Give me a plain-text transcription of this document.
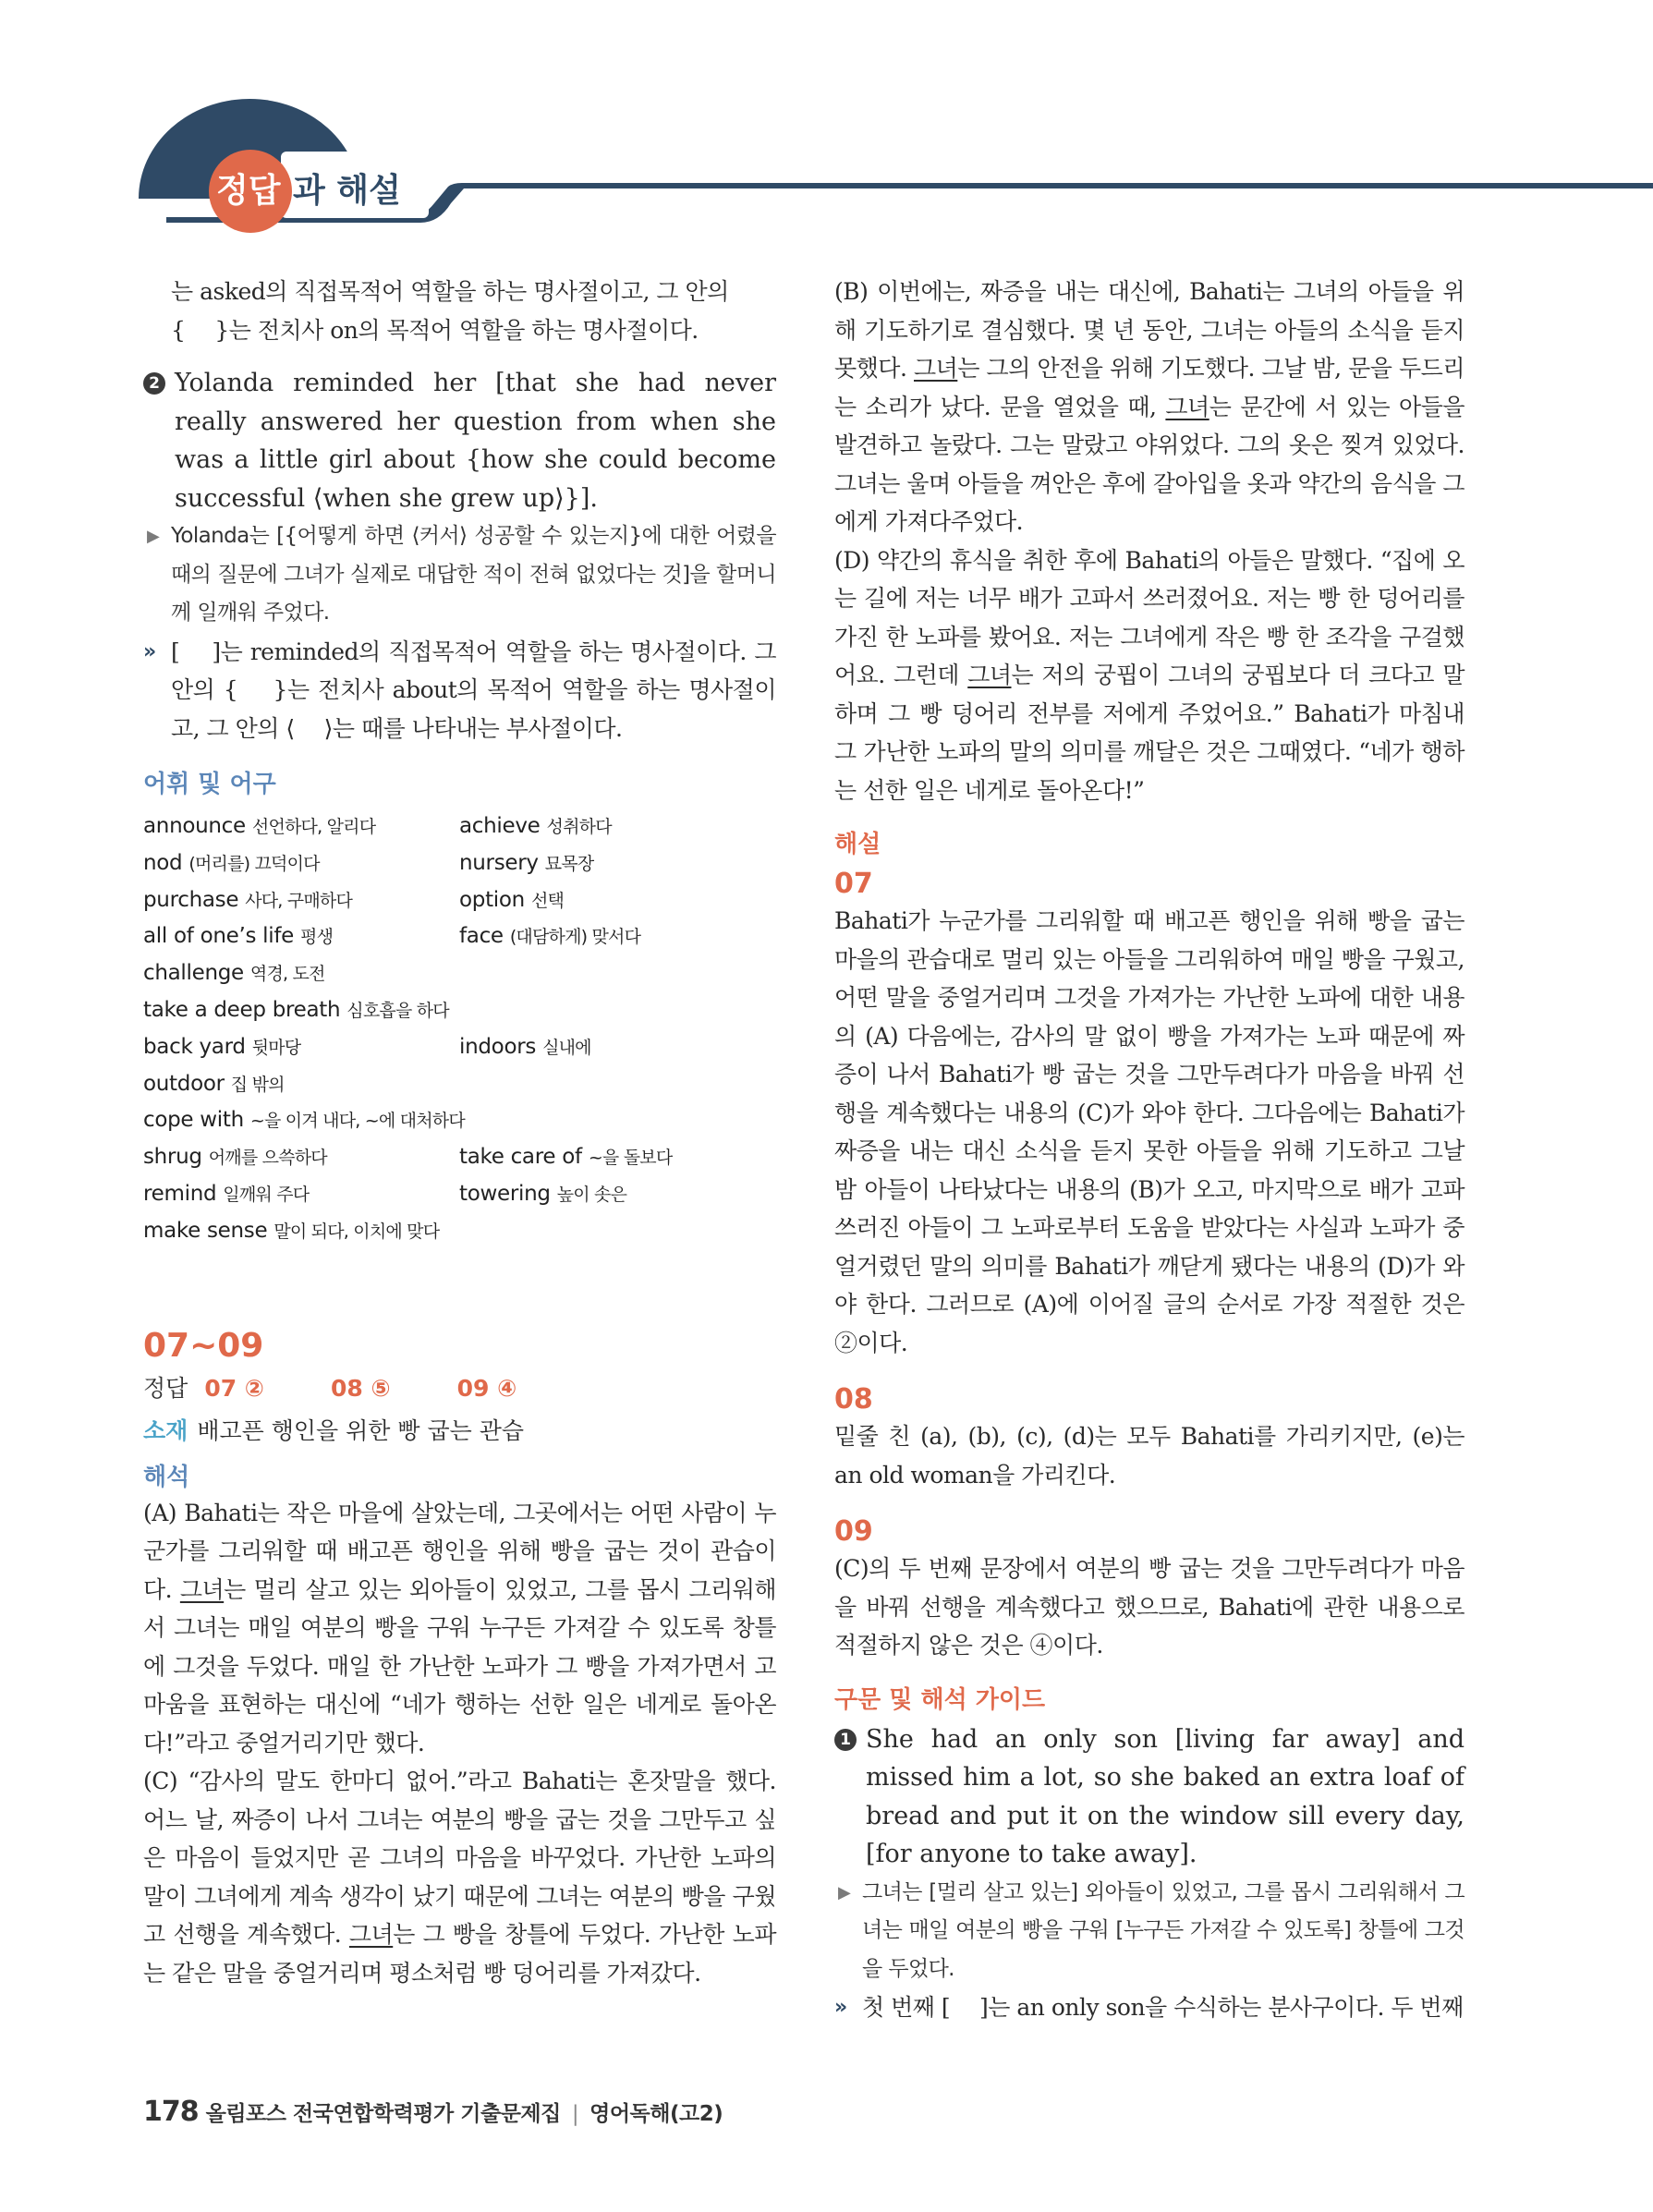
정답 과 해설

는 asked의 직접목적어 역할을 하는 명사절이고, 그 안의

{　 }는 전치사 on의 목적어 역할을 하는 명사절이다.

2 Yolanda reminded her [that she had never really answered her question from when she was a little girl about {how she could become successful ⟨when she grew up⟩}].

▶ Yolanda는 [{어떻게 하면 ⟨커서⟩ 성공할 수 있는지}에 대한 어렸을 때의 질문에 그녀가 실제로 대답한 적이 전혀 없었다는 것]을 할머니께 일깨워 주었다.

» [　 ]는 reminded의 직접목적어 역할을 하는 명사절이다. 그 안의 {　 }는 전치사 about의 목적어 역할을 하는 명사절이고, 그 안의 ⟨　 ⟩는 때를 나타내는 부사절이다.

어휘 및 어구

announce 선언하다, 알리다	achieve 성취하다
nod (머리를) 끄덕이다	nursery 묘목장
purchase 사다, 구매하다	option 선택
all of one’s life 평생	face (대담하게) 맞서다
challenge 역경, 도전
take a deep breath 심호흡을 하다
back yard 뒷마당	indoors 실내에
outdoor 집 밖의
cope with ~을 이겨 내다, ~에 대처하다
shrug 어깨를 으쓱하다	take care of ~을 돌보다
remind 일깨워 주다	towering 높이 솟은
make sense 말이 되다, 이치에 맞다

07~09

정답 07 ②	08 ⑤	09 ④

소재 배고픈 행인을 위한 빵 굽는 관습

해석

(A) Bahati는 작은 마을에 살았는데, 그곳에서는 어떤 사람이 누군가를 그리워할 때 배고픈 행인을 위해 빵을 굽는 것이 관습이다. 그녀는 멀리 살고 있는 외아들이 있었고, 그를 몹시 그리워해서 그녀는 매일 여분의 빵을 구워 누구든 가져갈 수 있도록 창틀에 그것을 두었다. 매일 한 가난한 노파가 그 빵을 가져가면서 고마움을 표현하는 대신에 “네가 행하는 선한 일은 네게로 돌아온다!”라고 중얼거리기만 했다.

(C) “감사의 말도 한마디 없어.”라고 Bahati는 혼잣말을 했다. 어느 날, 짜증이 나서 그녀는 여분의 빵을 굽는 것을 그만두고 싶은 마음이 들었지만 곧 그녀의 마음을 바꾸었다. 가난한 노파의 말이 그녀에게 계속 생각이 났기 때문에 그녀는 여분의 빵을 구웠고 선행을 계속했다. 그녀는 그 빵을 창틀에 두었다. 가난한 노파는 같은 말을 중얼거리며 평소처럼 빵 덩어리를 가져갔다.

(B) 이번에는, 짜증을 내는 대신에, Bahati는 그녀의 아들을 위해 기도하기로 결심했다. 몇 년 동안, 그녀는 아들의 소식을 듣지 못했다. 그녀는 그의 안전을 위해 기도했다. 그날 밤, 문을 두드리는 소리가 났다. 문을 열었을 때, 그녀는 문간에 서 있는 아들을 발견하고 놀랐다. 그는 말랐고 야위었다. 그의 옷은 찢겨 있었다. 그녀는 울며 아들을 껴안은 후에 갈아입을 옷과 약간의 음식을 그에게 가져다주었다.

(D) 약간의 휴식을 취한 후에 Bahati의 아들은 말했다. “집에 오는 길에 저는 너무 배가 고파서 쓰러졌어요. 저는 빵 한 덩어리를 가진 한 노파를 봤어요. 저는 그녀에게 작은 빵 한 조각을 구걸했어요. 그런데 그녀는 저의 궁핍이 그녀의 궁핍보다 더 크다고 말하며 그 빵 덩어리 전부를 저에게 주었어요.” Bahati가 마침내 그 가난한 노파의 말의 의미를 깨달은 것은 그때였다. “네가 행하는 선한 일은 네게로 돌아온다!”

해설

07

Bahati가 누군가를 그리워할 때 배고픈 행인을 위해 빵을 굽는 마을의 관습대로 멀리 있는 아들을 그리워하여 매일 빵을 구웠고, 어떤 말을 중얼거리며 그것을 가져가는 가난한 노파에 대한 내용의 (A) 다음에는, 감사의 말 없이 빵을 가져가는 노파 때문에 짜증이 나서 Bahati가 빵 굽는 것을 그만두려다가 마음을 바꿔 선행을 계속했다는 내용의 (C)가 와야 한다. 그다음에는 Bahati가 짜증을 내는 대신 소식을 듣지 못한 아들을 위해 기도하고 그날 밤 아들이 나타났다는 내용의 (B)가 오고, 마지막으로 배가 고파 쓰러진 아들이 그 노파로부터 도움을 받았다는 사실과 노파가 중얼거렸던 말의 의미를 Bahati가 깨닫게 됐다는 내용의 (D)가 와야 한다. 그러므로 (A)에 이어질 글의 순서로 가장 적절한 것은 ②이다.

08

밑줄 친 (a), (b), (c), (d)는 모두 Bahati를 가리키지만, (e)는 an old woman을 가리킨다.

09

(C)의 두 번째 문장에서 여분의 빵 굽는 것을 그만두려다가 마음을 바꿔 선행을 계속했다고 했으므로, Bahati에 관한 내용으로 적절하지 않은 것은 ④이다.

구문 및 해석 가이드

1 She had an only son [living far away] and missed him a lot, so she baked an extra loaf of bread and put it on the window sill every day, [for anyone to take away].

▶ 그녀는 [멀리 살고 있는] 외아들이 있었고, 그를 몹시 그리워해서 그녀는 매일 여분의 빵을 구워 [누구든 가져갈 수 있도록] 창틀에 그것을 두었다.

» 첫 번째 [　 ]는 an only son을 수식하는 분사구이다. 두 번째

178 올림포스 전국연합학력평가 기출문제집 | 영어독해(고2)
